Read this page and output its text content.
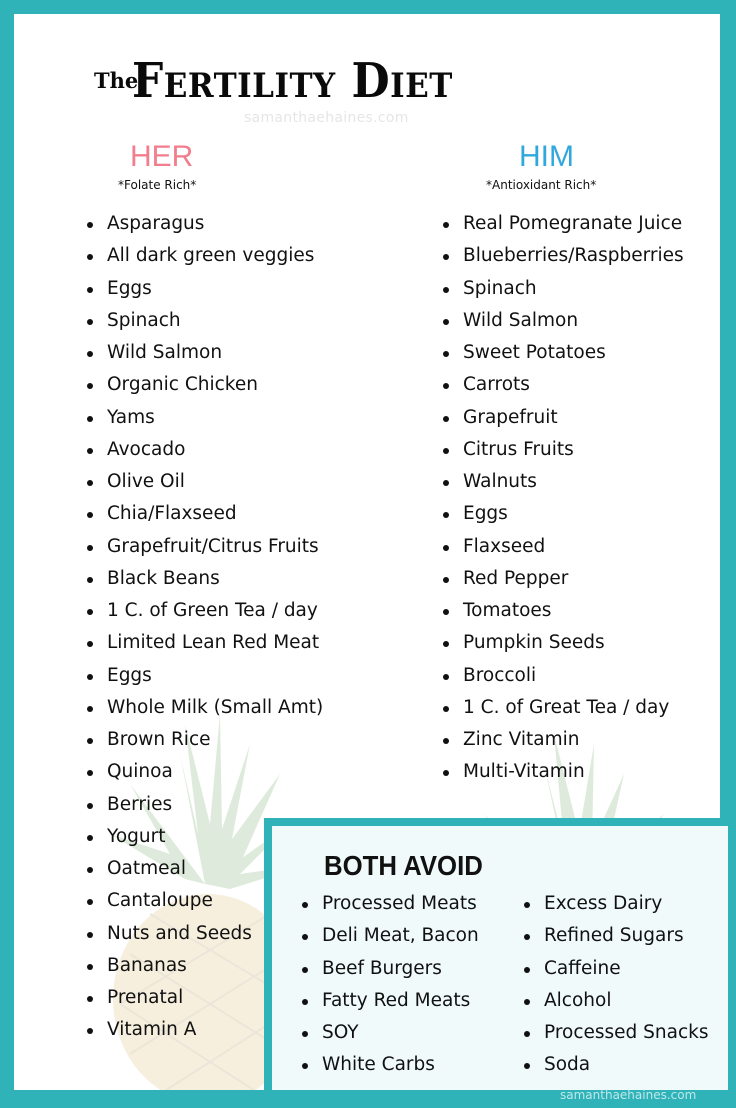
The
Fertility Diet
samanthaehaines.com
HER
*Folate Rich*
Asparagus
All dark green veggies
Eggs
Spinach
Wild Salmon
Organic Chicken
Yams
Avocado
Olive Oil
Chia/Flaxseed
Grapefruit/Citrus Fruits
Black Beans
1 C. of Green Tea / day
Limited Lean Red Meat
Eggs
Whole Milk (Small Amt)
Brown Rice
Quinoa
Berries
Yogurt
Oatmeal
Cantaloupe
Nuts and Seeds
Bananas
Prenatal
Vitamin A
HIM
*Antioxidant Rich*
Real Pomegranate Juice
Blueberries/Raspberries
Spinach
Wild Salmon
Sweet Potatoes
Carrots
Grapefruit
Citrus Fruits
Walnuts
Eggs
Flaxseed
Red Pepper
Tomatoes
Pumpkin Seeds
Broccoli
1 C. of Great Tea / day
Zinc Vitamin
Multi-Vitamin
BOTH AVOID
Processed Meats
Deli Meat, Bacon
Beef Burgers
Fatty Red Meats
SOY
White Carbs
Excess Dairy
Refined Sugars
Caffeine
Alcohol
Processed Snacks
Soda
samanthaehaines.com
